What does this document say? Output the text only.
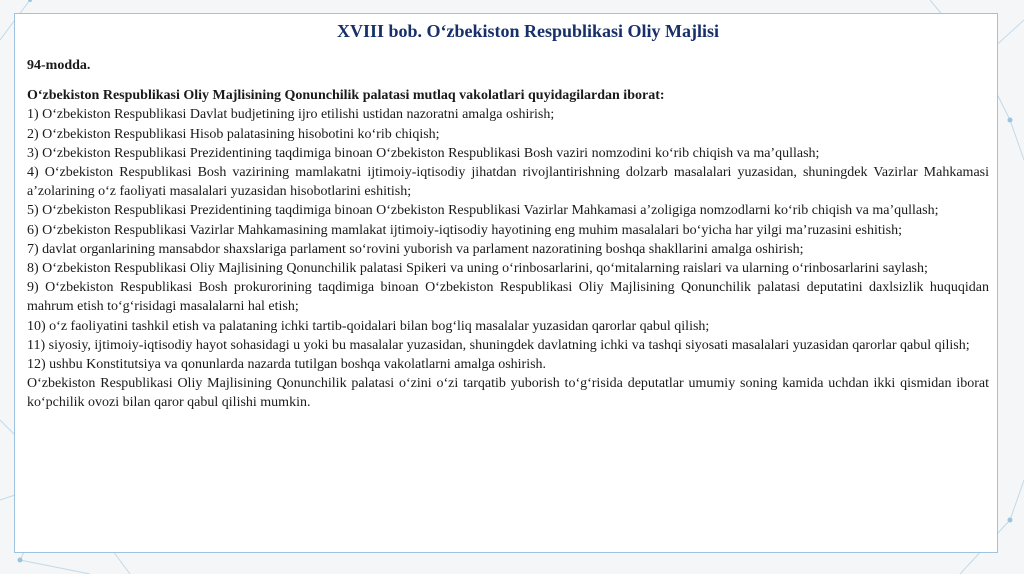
XVIII bob. O‘zbekiston Respublikasi Oliy Majlisi
94-modda.

O‘zbekiston Respublikasi Oliy Majlisining Qonunchilik palatasi mutlaq vakolatlari quyidagilardan iborat:

1) O‘zbekiston Respublikasi Davlat budjetining ijro etilishi ustidan nazoratni amalga oshirish;
2) O‘zbekiston Respublikasi Hisob palatasining hisobotini ko‘rib chiqish;
3) O‘zbekiston Respublikasi Prezidentining taqdimiga binoan O‘zbekiston Respublikasi Bosh vaziri nomzodini ko‘rib chiqish va ma’qullash;
4) O‘zbekiston Respublikasi Bosh vazirining mamlakatni ijtimoiy-iqtisodiy jihatdan rivojlantirishning dolzarb masalalari yuzasidan, shuningdek Vazirlar Mahkamasi a’zolarining o‘z faoliyati masalalari yuzasidan hisobotlarini eshitish;
5) O‘zbekiston Respublikasi Prezidentining taqdimiga binoan O‘zbekiston Respublikasi Vazirlar Mahkamasi a’zoligiga nomzodlarni ko‘rib chiqish va ma’qullash;
6) O‘zbekiston Respublikasi Vazirlar Mahkamasining mamlakat ijtimoiy-iqtisodiy hayotining eng muhim masalalari bo‘yicha har yilgi ma’ruzasini eshitish;
7) davlat organlarining mansabdor shaxslariga parlament so‘rovini yuborish va parlament nazoratining boshqa shakllarini amalga oshirish;
8) O‘zbekiston Respublikasi Oliy Majlisining Qonunchilik palatasi Spikeri va uning o‘rinbosarlarini, qo‘mitalarning raislari va ularning o‘rinbosarlarini saylash;
9) O‘zbekiston Respublikasi Bosh prokurorining taqdimiga binoan O‘zbekiston Respublikasi Oliy Majlisining Qonunchilik palatasi deputatini daxlsizlik huquqidan mahrum etish to‘g‘risidagi masalalarni hal etish;
10) o‘z faoliyatini tashkil etish va palataning ichki tartib-qoidalari bilan bog‘liq masalalar yuzasidan qarorlar qabul qilish;
11) siyosiy, ijtimoiy-iqtisodiy hayot sohasidagi u yoki bu masalalar yuzasidan, shuningdek davlatning ichki va tashqi siyosati masalalari yuzasidan qarorlar qabul qilish;
12) ushbu Konstitutsiya va qonunlarda nazarda tutilgan boshqa vakolatlarni amalga oshirish.

O‘zbekiston Respublikasi Oliy Majlisining Qonunchilik palatasi o‘zini o‘zi tarqatib yuborish to‘g‘risida deputatlar umumiy soning kamida uchdan ikki qismidan iborat ko‘pchilik ovozi bilan qaror qabul qilishi mumkin.
